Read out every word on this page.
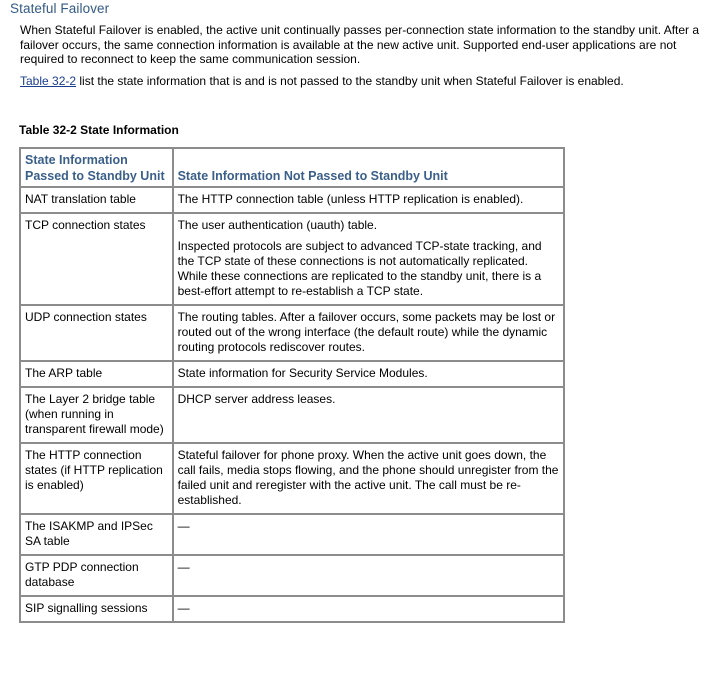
Stateful Failover
When Stateful Failover is enabled, the active unit continually passes per-connection state information to the standby unit. After a failover occurs, the same connection information is available at the new active unit. Supported end-user applications are not required to reconnect to keep the same communication session.
Table 32-2 list the state information that is and is not passed to the standby unit when Stateful Failover is enabled.
Table 32-2 State Information
State Information Passed to Standby Unit	State Information Not Passed to Standby Unit
NAT translation table	The HTTP connection table (unless HTTP replication is enabled).

TCP connection states	The user authentication (uauth) table.
Inspected protocols are subject to advanced TCP-state tracking, and the TCP state of these connections is not automatically replicated. While these connections are replicated to the standby unit, there is a best-effort attempt to re-establish a TCP state.

UDP connection states	The routing tables. After a failover occurs, some packets may be lost or routed out of the wrong interface (the default route) while the dynamic routing protocols rediscover routes.

The ARP table	State information for Security Service Modules.

The Layer 2 bridge table (when running in transparent firewall mode)	DHCP server address leases.

The HTTP connection states (if HTTP replication is enabled)	Stateful failover for phone proxy. When the active unit goes down, the call fails, media stops flowing, and the phone should unregister from the failed unit and reregister with the active unit. The call must be re-established.

The ISAKMP and IPSec SA table	—

GTP PDP connection database	—

SIP signalling sessions	—
